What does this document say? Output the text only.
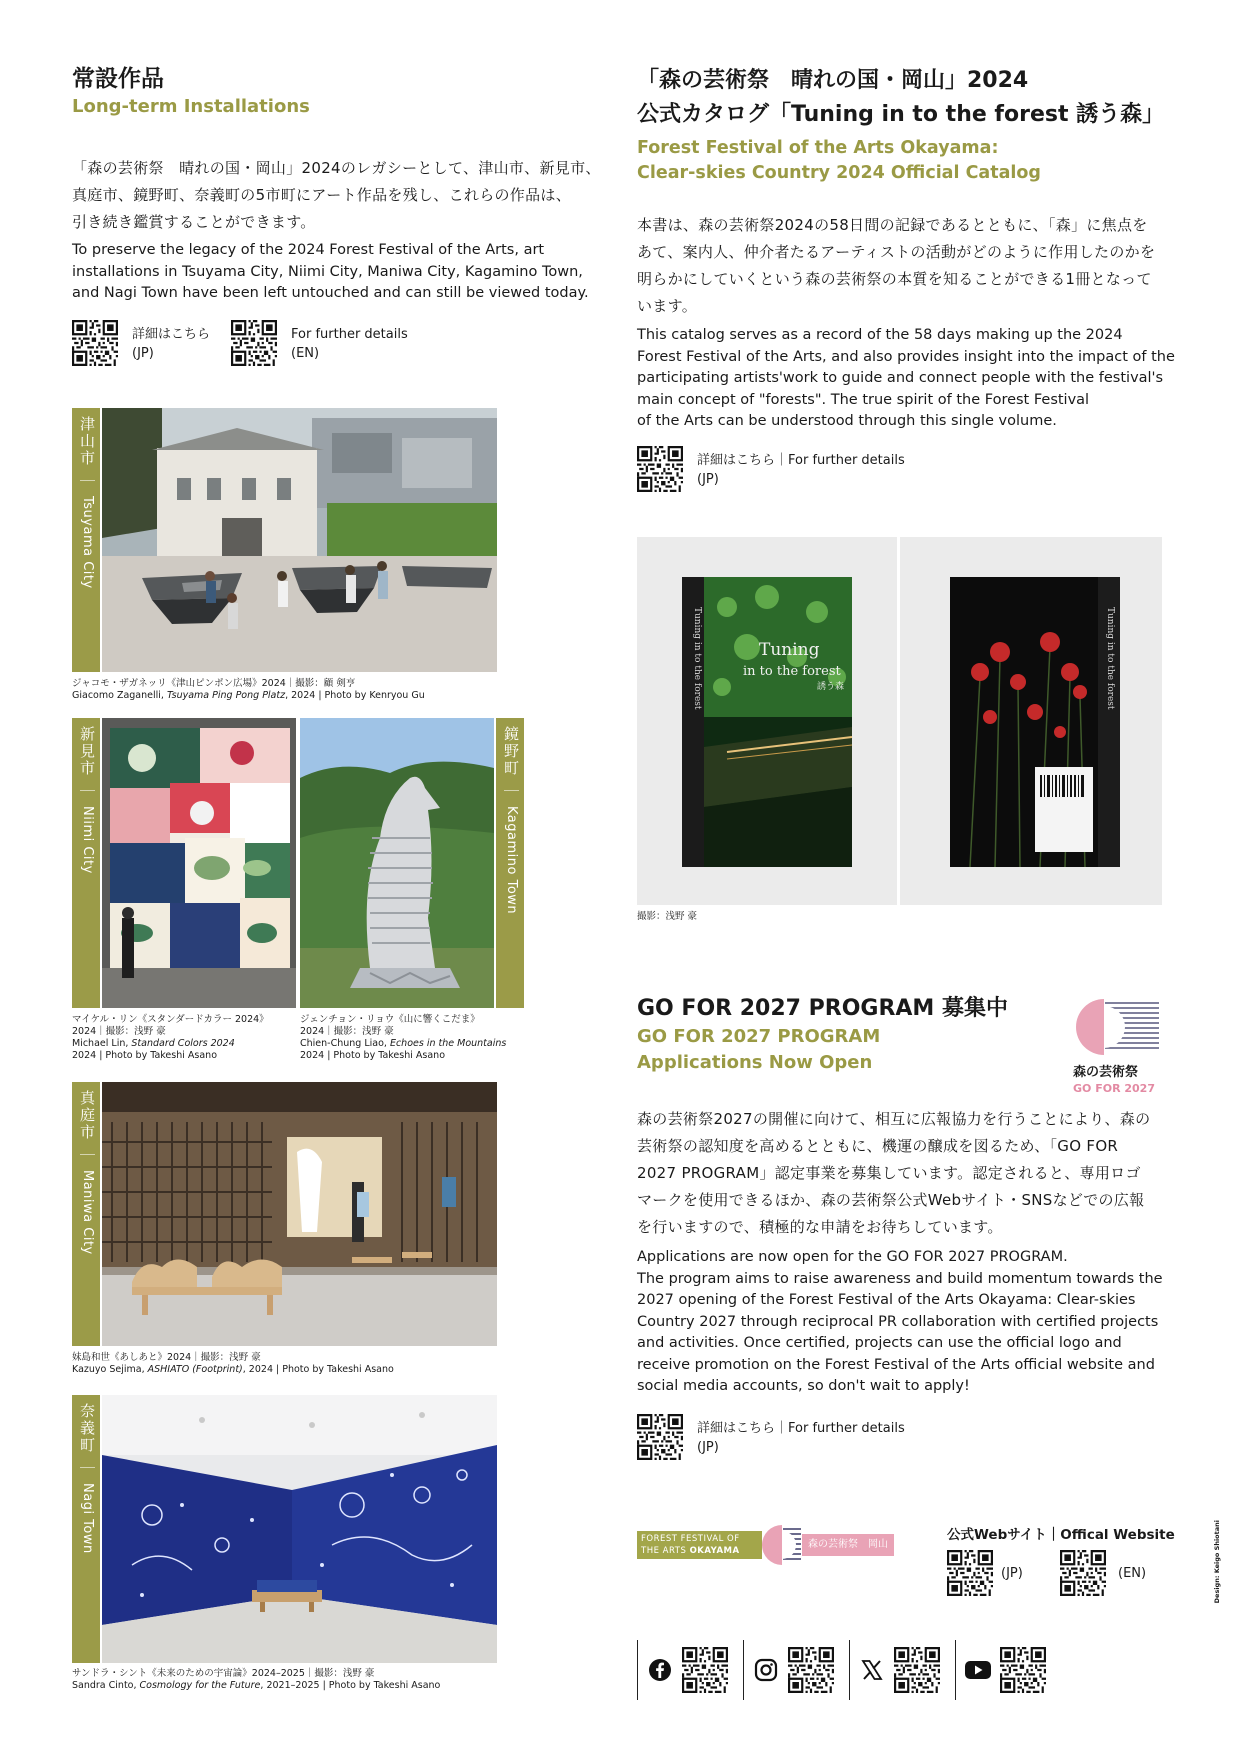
常設作品
Long-term Installations
「森の芸術祭　晴れの国・岡山」2024のレガシーとして、津山市、新見市、
真庭市、鏡野町、奈義町の5市町にアート作品を残し、これらの作品は、
引き続き鑑賞することができます。
To preserve the legacy of the 2024 Forest Festival of the Arts, art
installations in Tsuyama City, Niimi City, Maniwa City, Kagamino Town,
and Nagi Town have been left untouched and can still be viewed today.
詳細はこちら
(JP)
For further details
(EN)
津山市｜Tsuyama City
ジャコモ・ザガネッリ《津山ピンポン広場》2024｜撮影：顧 剣亨
Giacomo Zaganelli, Tsuyama Ping Pong Platz, 2024 | Photo by Kenryou Gu
新見市｜Niimi City
鏡野町｜Kagamino Town
マイケル・リン《スタンダードカラー 2024》
2024｜撮影：浅野 豪
Michael Lin, Standard Colors 2024
2024 | Photo by Takeshi Asano
ジェンチョン・リョウ《山に響くこだま》
2024｜撮影：浅野 豪
Chien-Chung Liao, Echoes in the Mountains
2024 | Photo by Takeshi Asano
真庭市｜Maniwa City
妹島和世《あしあと》2024｜撮影：浅野 豪
Kazuyo Sejima, ASHIATO (Footprint), 2024 | Photo by Takeshi Asano
奈義町｜Nagi Town
サンドラ・シント《未来のための宇宙論》2024–2025｜撮影：浅野 豪
Sandra Cinto, Cosmology for the Future, 2021–2025 | Photo by Takeshi Asano
「森の芸術祭　晴れの国・岡山」2024
公式カタログ「Tuning in to the forest 誘う森」
Forest Festival of the Arts Okayama:
Clear-skies Country 2024 Official Catalog
本書は、森の芸術祭2024の58日間の記録であるとともに、「森」に焦点を
あて、案内人、仲介者たるアーティストの活動がどのように作用したのかを
明らかにしていくという森の芸術祭の本質を知ることができる1冊となって
います。
This catalog serves as a record of the 58 days making up the 2024
Forest Festival of the Arts, and also provides insight into the impact of the
participating artists'work to guide and connect people with the festival's
main concept of "forests". The true spirit of the Forest Festival
of the Arts can be understood through this single volume.
詳細はこちら｜For further details
(JP)
Tuning
in to the forest
誘う森
Tuning in to the forest	Tuning in to the forest
撮影：浅野 豪
GO FOR 2027 PROGRAM 募集中
GO FOR 2027 PROGRAM
Applications Now Open	森の芸術祭
GO FOR 2027
森の芸術祭2027の開催に向けて、相互に広報協力を行うことにより、森の
芸術祭の認知度を高めるとともに、機運の醸成を図るため、「GO FOR
2027 PROGRAM」認定事業を募集しています。認定されると、専用ロゴ
マークを使用できるほか、森の芸術祭公式Webサイト・SNSなどでの広報
を行いますので、積極的な申請をお待ちしています。
Applications are now open for the GO FOR 2027 PROGRAM.
The program aims to raise awareness and build momentum towards the
2027 opening of the Forest Festival of the Arts Okayama: Clear-skies
Country 2027 through reciprocal PR collaboration with certified projects
and activities. Once certified, projects can use the official logo and
receive promotion on the Forest Festival of the Arts official website and
social media accounts, so don't wait to apply!
詳細はこちら｜For further details
(JP)
FOREST FESTIVAL OF
THE ARTS OKAYAMA
森の芸術祭　岡山
公式Webサイト｜Offical Website
(JP)	(EN)	Design: Keigo Shiotani
